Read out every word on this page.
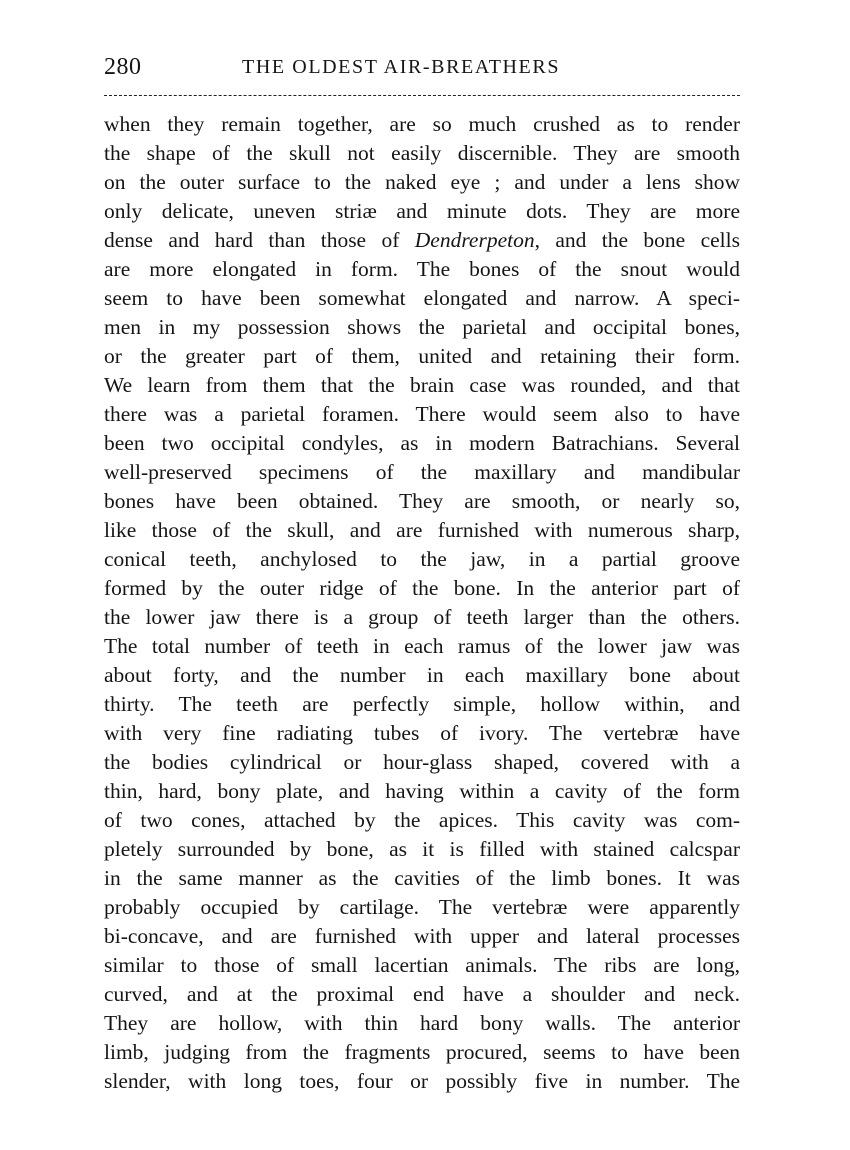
280	THE OLDEST AIR-BREATHERS
when they remain together, are so much crushed as to render
the shape of the skull not easily discernible. They are smooth
on the outer surface to the naked eye ; and under a lens show
only delicate, uneven striæ and minute dots. They are more
dense and hard than those of Dendrerpeton, and the bone cells
are more elongated in form. The bones of the snout would
seem to have been somewhat elongated and narrow. A speci-
men in my possession shows the parietal and occipital bones,
or the greater part of them, united and retaining their form.
We learn from them that the brain case was rounded, and that
there was a parietal foramen. There would seem also to have
been two occipital condyles, as in modern Batrachians. Several
well-preserved specimens of the maxillary and mandibular
bones have been obtained. They are smooth, or nearly so,
like those of the skull, and are furnished with numerous sharp,
conical teeth, anchylosed to the jaw, in a partial groove
formed by the outer ridge of the bone. In the anterior part of
the lower jaw there is a group of teeth larger than the others.
The total number of teeth in each ramus of the lower jaw was
about forty, and the number in each maxillary bone about
thirty. The teeth are perfectly simple, hollow within, and
with very fine radiating tubes of ivory. The vertebræ have
the bodies cylindrical or hour-glass shaped, covered with a
thin, hard, bony plate, and having within a cavity of the form
of two cones, attached by the apices. This cavity was com-
pletely surrounded by bone, as it is filled with stained calcspar
in the same manner as the cavities of the limb bones. It was
probably occupied by cartilage. The vertebræ were apparently
bi-concave, and are furnished with upper and lateral processes
similar to those of small lacertian animals. The ribs are long,
curved, and at the proximal end have a shoulder and neck.
They are hollow, with thin hard bony walls. The anterior
limb, judging from the fragments procured, seems to have been
slender, with long toes, four or possibly five in number. The
